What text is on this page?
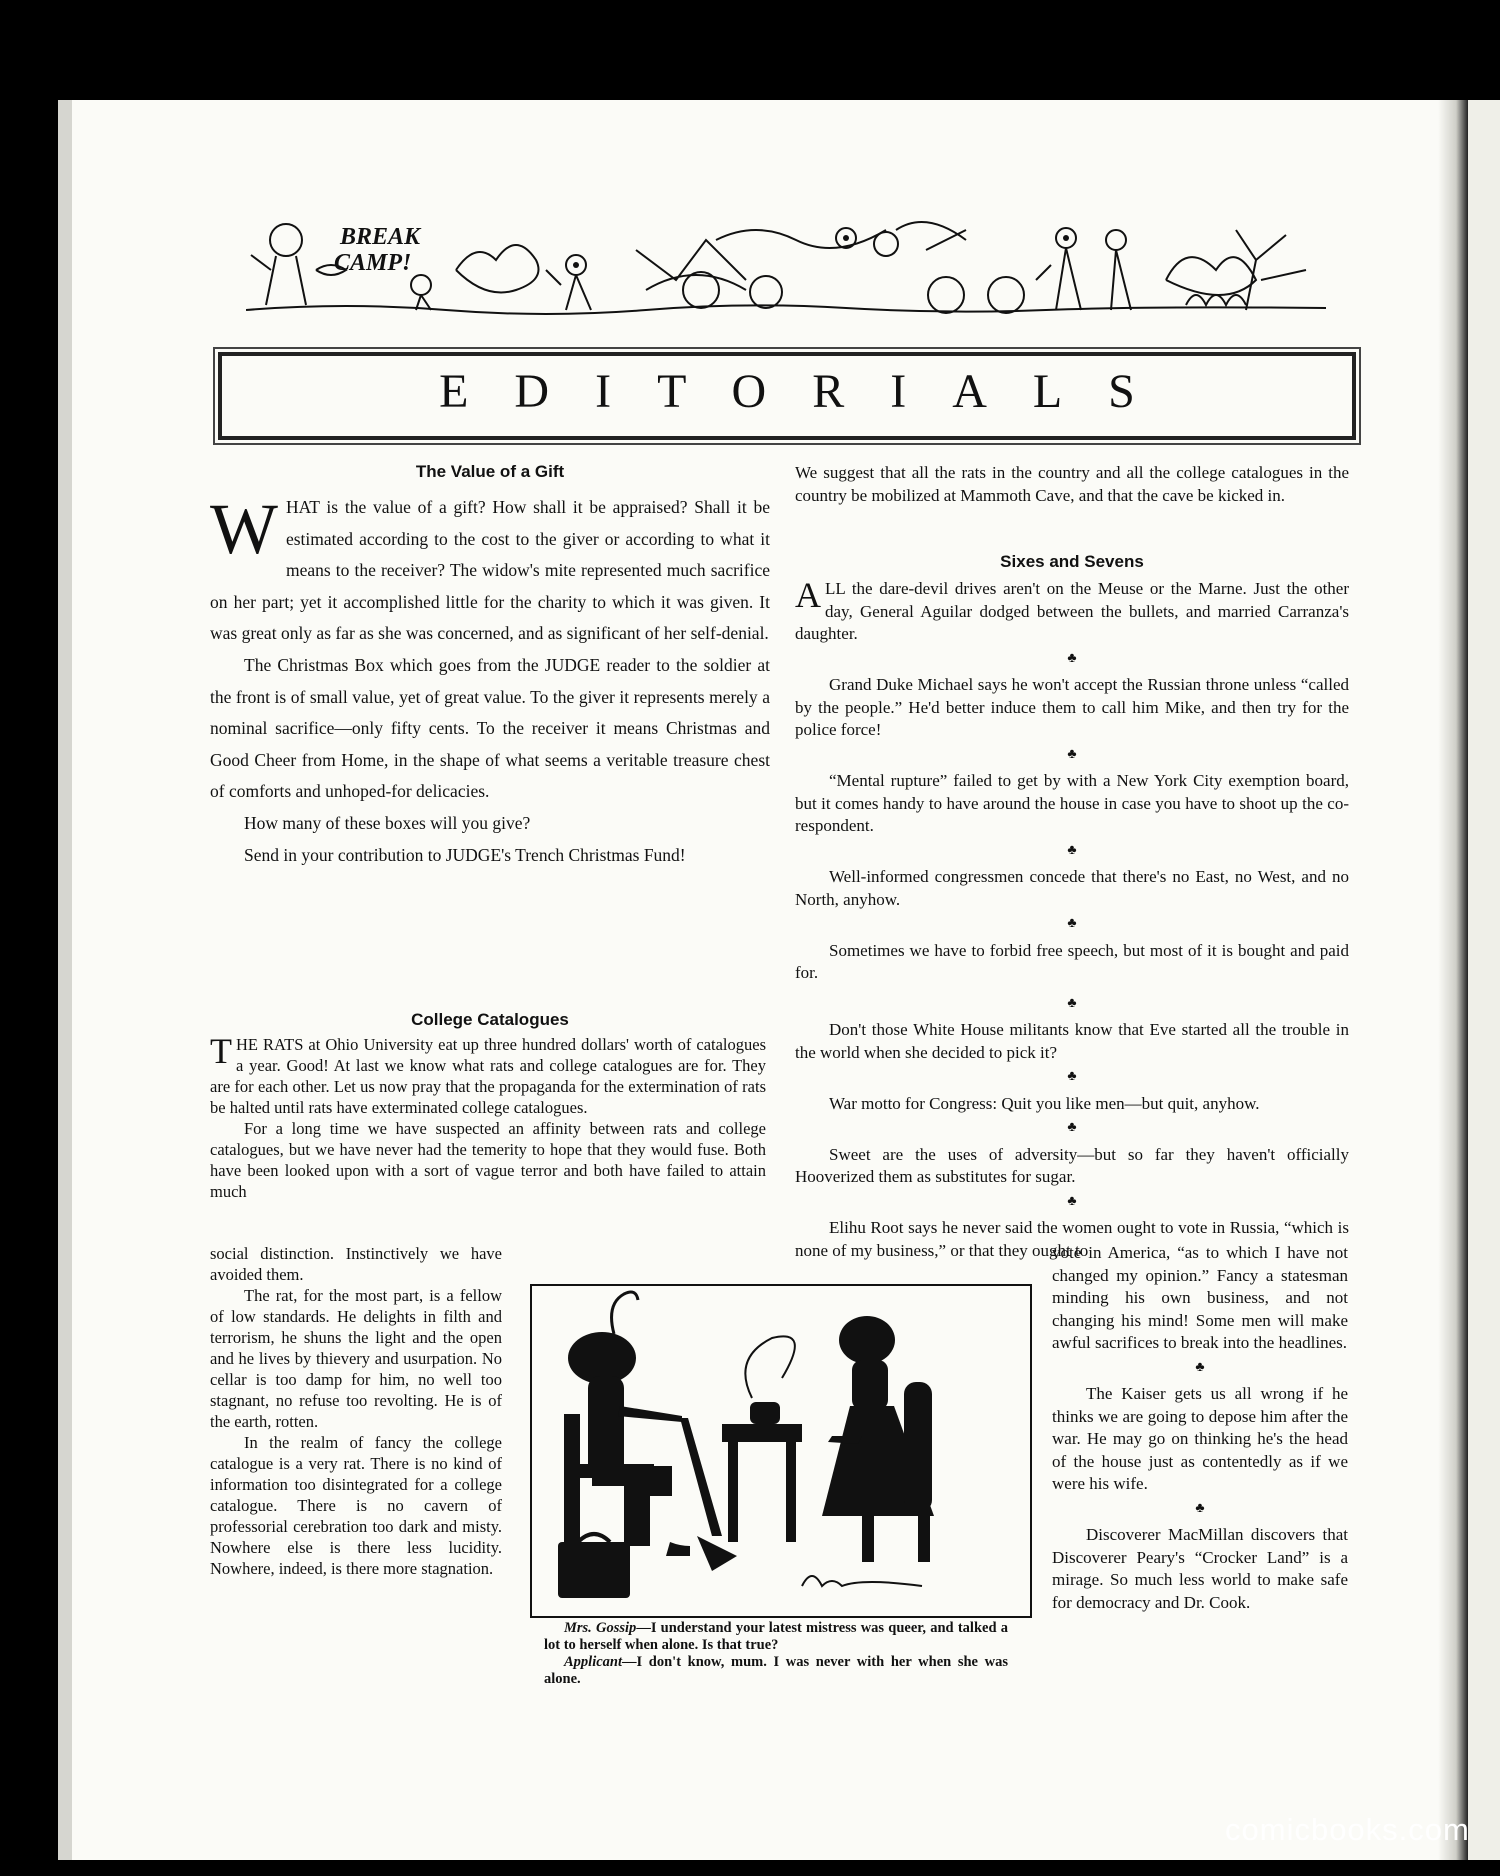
BREAK
CAMP!
EDITORIALS
The Value of a Gift

WHAT is the value of a gift? How shall it be appraised? Shall it be estimated according to the cost to the giver or according to what it means to the receiver? The widow's mite represented much sacrifice on her part; yet it accomplished little for the charity to which it was given. It was great only as far as she was concerned, and as significant of her self-denial.

The Christmas Box which goes from the JUDGE reader to the soldier at the front is of small value, yet of great value. To the giver it represents merely a nominal sacrifice—only fifty cents. To the receiver it means Christmas and Good Cheer from Home, in the shape of what seems a veritable treasure chest of comforts and unhoped-for delicacies.

How many of these boxes will you give?

Send in your contribution to JUDGE's Trench Christmas Fund!

College Catalogues

THE RATS at Ohio University eat up three hundred dollars' worth of catalogues a year. Good! At last we know what rats and college catalogues are for. They are for each other. Let us now pray that the propaganda for the extermination of rats be halted until rats have exterminated college catalogues.

For a long time we have suspected an affinity between rats and college catalogues, but we have never had the temerity to hope that they would fuse. Both have been looked upon with a sort of vague terror and both have failed to attain much

social distinction. Instinctively we have avoided them.

The rat, for the most part, is a fellow of low standards. He delights in filth and terrorism, he shuns the light and the open and he lives by thievery and usurpation. No cellar is too damp for him, no well too stagnant, no refuse too revolting. He is of the earth, rotten.

In the realm of fancy the college catalogue is a very rat. There is no kind of information too disintegrated for a college catalogue. There is no cavern of professorial cerebration too dark and misty. Nowhere else is there less lucidity. Nowhere, indeed, is there more stagnation.

We suggest that all the rats in the country and all the college catalogues in the country be mobilized at Mammoth Cave, and that the cave be kicked in.

Sixes and Sevens

ALL the dare-devil drives aren't on the Meuse or the Marne. Just the other day, General Aguilar dodged between the bullets, and married Carranza's daughter.

♣

Grand Duke Michael says he won't accept the Russian throne unless “called by the people.” He'd better induce them to call him Mike, and then try for the police force!

♣

“Mental rupture” failed to get by with a New York City exemption board, but it comes handy to have around the house in case you have to shoot up the co-respondent.

♣

Well-informed congressmen concede that there's no East, no West, and no North, anyhow.

♣

Sometimes we have to forbid free speech, but most of it is bought and paid for.

♣

Don't those White House militants know that Eve started all the trouble in the world when she decided to pick it?

♣

War motto for Congress: Quit you like men—but quit, anyhow.

♣

Sweet are the uses of adversity—but so far they haven't officially Hooverized them as substitutes for sugar.

♣

Elihu Root says he never said the women ought to vote in Russia, “which is none of my business,” or that they ought to

vote in America, “as to which I have not changed my opinion.” Fancy a statesman minding his own business, and not changing his mind! Some men will make awful sacrifices to break into the headlines.

♣

The Kaiser gets us all wrong if he thinks we are going to depose him after the war. He may go on thinking he's the head of the house just as contentedly as if we were his wife.

♣

Discoverer MacMillan discovers that Discoverer Peary's “Crocker Land” is a mirage. So much less world to make safe for democracy and Dr. Cook.

Mrs. Gossip—I understand your latest mistress was queer, and talked a lot to herself when alone. Is that true?

Applicant—I don't know, mum. I was never with her when she was alone.

comicbooks.com
